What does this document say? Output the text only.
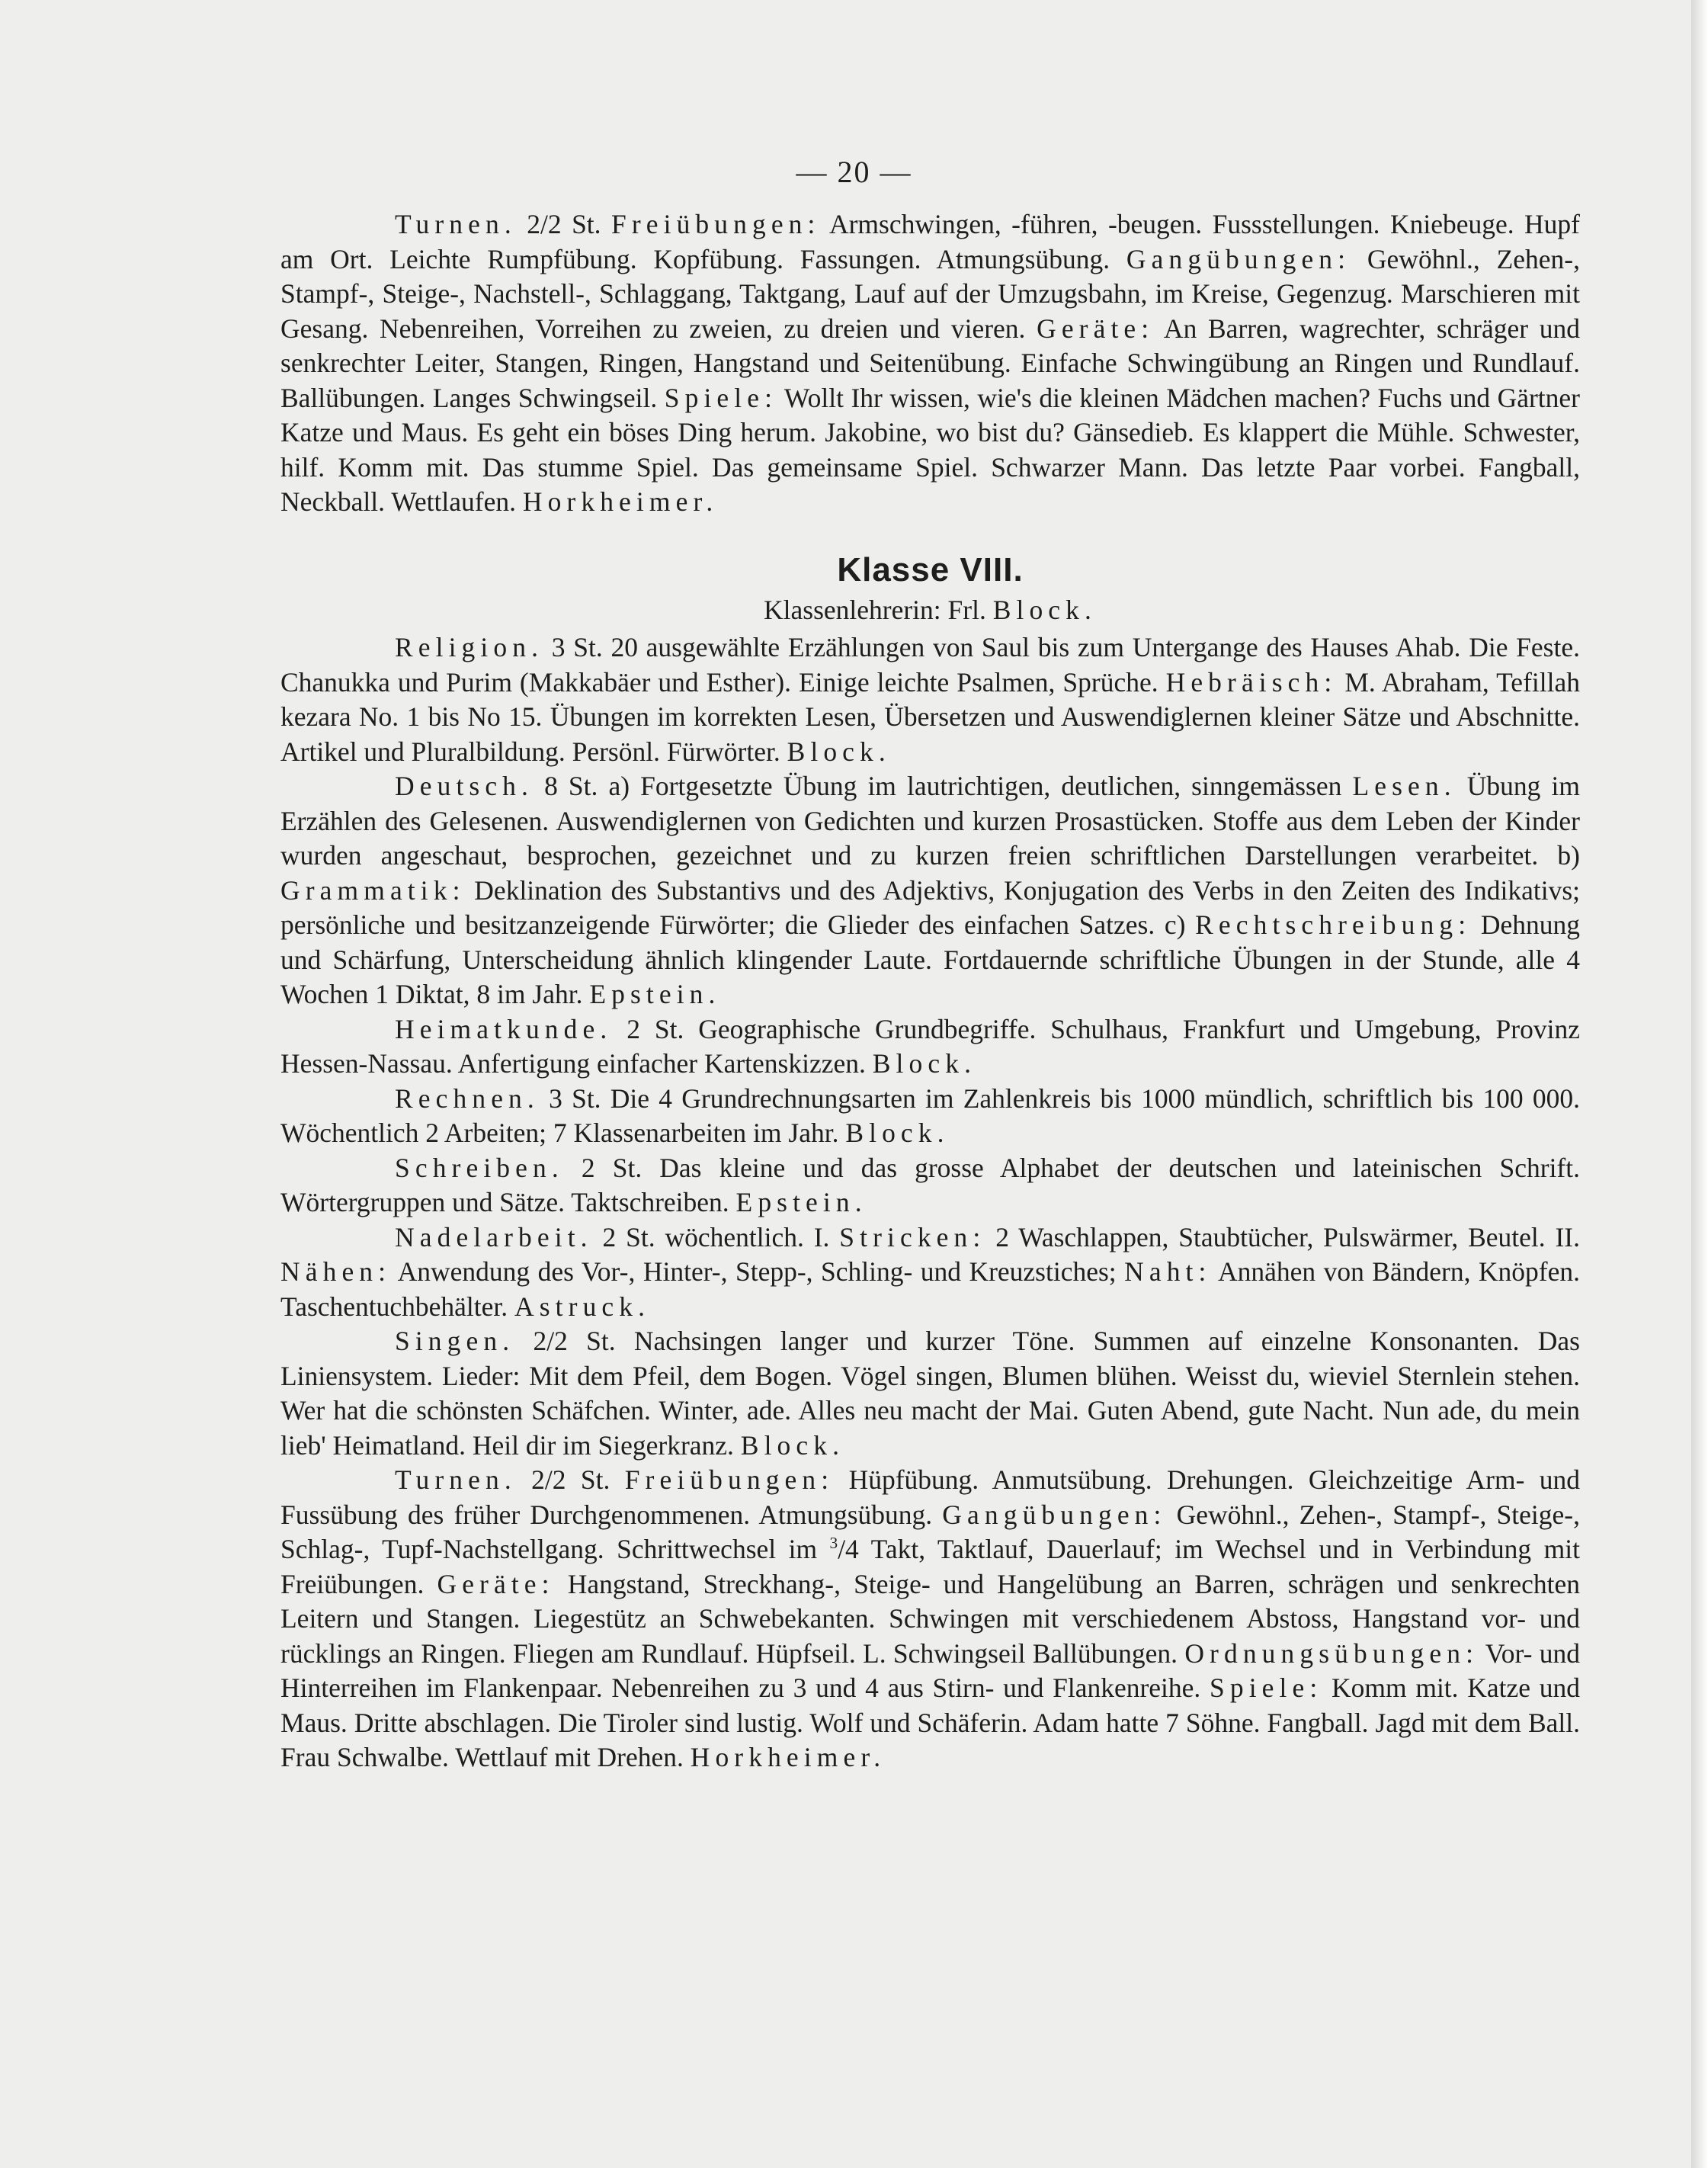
— 20 —

Turnen. 2/2 St. Freiübungen: Armschwingen, -führen, -beugen. Fussstellungen. Kniebeuge. Hupf am Ort. Leichte Rumpfübung. Kopfübung. Fassungen. Atmungsübung. Gangübungen: Gewöhnl., Zehen-, Stampf-, Steige-, Nachstell-, Schlaggang, Taktgang, Lauf auf der Umzugsbahn, im Kreise, Gegenzug. Marschieren mit Gesang. Nebenreihen, Vorreihen zu zweien, zu dreien und vieren. Geräte: An Barren, wagrechter, schräger und senkrechter Leiter, Stangen, Ringen, Hangstand und Seitenübung. Einfache Schwingübung an Ringen und Rundlauf. Ballübungen. Langes Schwingseil. Spiele: Wollt Ihr wissen, wie's die kleinen Mädchen machen? Fuchs und Gärtner Katze und Maus. Es geht ein böses Ding herum. Jakobine, wo bist du? Gänsedieb. Es klappert die Mühle. Schwester, hilf. Komm mit. Das stumme Spiel. Das gemeinsame Spiel. Schwarzer Mann. Das letzte Paar vorbei. Fangball, Neckball. Wettlaufen. Horkheimer.

Klasse VIII.
Klassenlehrerin: Frl. Block.

Religion. 3 St. 20 ausgewählte Erzählungen von Saul bis zum Untergange des Hauses Ahab. Die Feste. Chanukka und Purim (Makkabäer und Esther). Einige leichte Psalmen, Sprüche. Hebräisch: M. Abraham, Tefillah kezara No. 1 bis No 15. Übungen im korrekten Lesen, Übersetzen und Auswendiglernen kleiner Sätze und Abschnitte. Artikel und Pluralbildung. Persönl. Fürwörter. Block.

Deutsch. 8 St. a) Fortgesetzte Übung im lautrichtigen, deutlichen, sinngemässen Lesen. Übung im Erzählen des Gelesenen. Auswendiglernen von Gedichten und kurzen Prosastücken. Stoffe aus dem Leben der Kinder wurden angeschaut, besprochen, gezeichnet und zu kurzen freien schriftlichen Darstellungen verarbeitet. b) Grammatik: Deklination des Substantivs und des Adjektivs, Konjugation des Verbs in den Zeiten des Indikativs; persönliche und besitzanzeigende Fürwörter; die Glieder des einfachen Satzes. c) Rechtschreibung: Dehnung und Schärfung, Unterscheidung ähnlich klingender Laute. Fortdauernde schriftliche Übungen in der Stunde, alle 4 Wochen 1 Diktat, 8 im Jahr. Epstein.

Heimatkunde. 2 St. Geographische Grundbegriffe. Schulhaus, Frankfurt und Umgebung, Provinz Hessen-Nassau. Anfertigung einfacher Kartenskizzen. Block.

Rechnen. 3 St. Die 4 Grundrechnungsarten im Zahlenkreis bis 1000 mündlich, schriftlich bis 100 000. Wöchentlich 2 Arbeiten; 7 Klassenarbeiten im Jahr. Block.

Schreiben. 2 St. Das kleine und das grosse Alphabet der deutschen und lateinischen Schrift. Wörtergruppen und Sätze. Taktschreiben. Epstein.

Nadelarbeit. 2 St. wöchentlich. I. Stricken: 2 Waschlappen, Staubtücher, Pulswärmer, Beutel. II. Nähen: Anwendung des Vor-, Hinter-, Stepp-, Schling- und Kreuzstiches; Naht: Annähen von Bändern, Knöpfen. Taschentuchbehälter. Astruck.

Singen. 2/2 St. Nachsingen langer und kurzer Töne. Summen auf einzelne Konsonanten. Das Liniensystem. Lieder: Mit dem Pfeil, dem Bogen. Vögel singen, Blumen blühen. Weisst du, wieviel Sternlein stehen. Wer hat die schönsten Schäfchen. Winter, ade. Alles neu macht der Mai. Guten Abend, gute Nacht. Nun ade, du mein lieb' Heimatland. Heil dir im Siegerkranz. Block.

Turnen. 2/2 St. Freiübungen: Hüpfübung. Anmutsübung. Drehungen. Gleichzeitige Arm- und Fussübung des früher Durchgenommenen. Atmungsübung. Gangübungen: Gewöhnl., Zehen-, Stampf-, Steige-, Schlag-, Tupf-Nachstellgang. Schrittwechsel im $^3$/4 Takt, Taktlauf, Dauerlauf; im Wechsel und in Verbindung mit Freiübungen. Geräte: Hangstand, Streckhang-, Steige- und Hangelübung an Barren, schrägen und senkrechten Leitern und Stangen. Liegestütz an Schwebekanten. Schwingen mit verschiedenem Abstoss, Hangstand vor- und rücklings an Ringen. Fliegen am Rundlauf. Hüpfseil. L. Schwingseil Ballübungen. Ordnungsübungen: Vor- und Hinterreihen im Flankenpaar. Nebenreihen zu 3 und 4 aus Stirn- und Flankenreihe. Spiele: Komm mit. Katze und Maus. Dritte abschlagen. Die Tiroler sind lustig. Wolf und Schäferin. Adam hatte 7 Söhne. Fangball. Jagd mit dem Ball. Frau Schwalbe. Wettlauf mit Drehen. Horkheimer.
